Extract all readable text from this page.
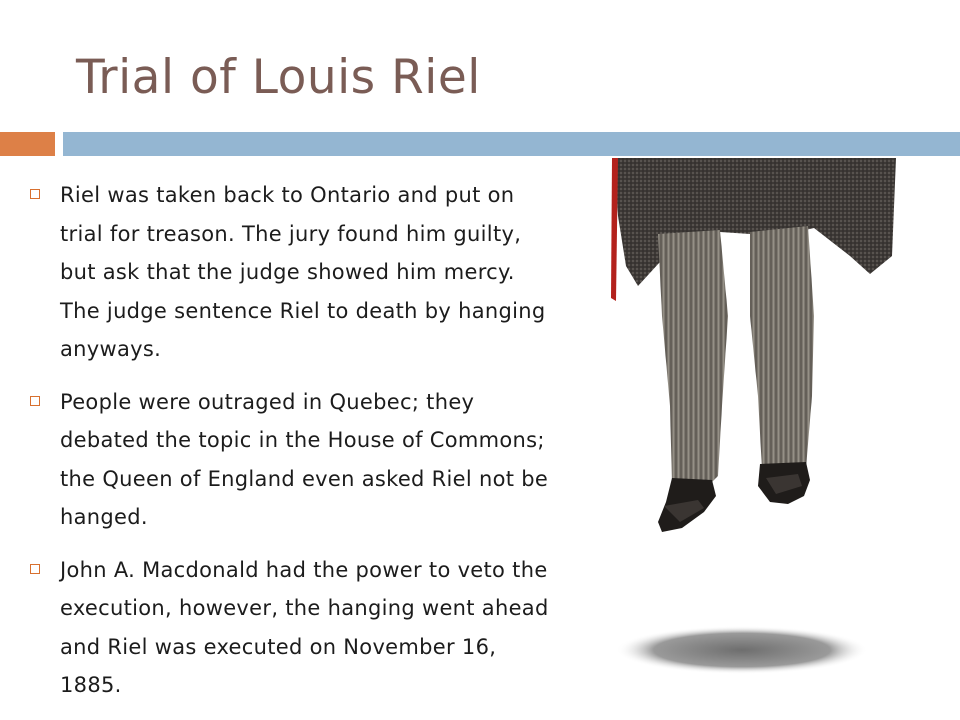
Trial of Louis Riel
Riel was taken back to Ontario and put on trial for treason. The jury found him guilty, but ask that the judge showed him mercy. The judge sentence Riel to death by hanging anyways.
People were outraged in Quebec; they debated the topic in the House of Commons; the Queen of England even asked Riel not be hanged.
John A. Macdonald had the power to veto the execution, however, the hanging went ahead and Riel was executed on November 16, 1885.
